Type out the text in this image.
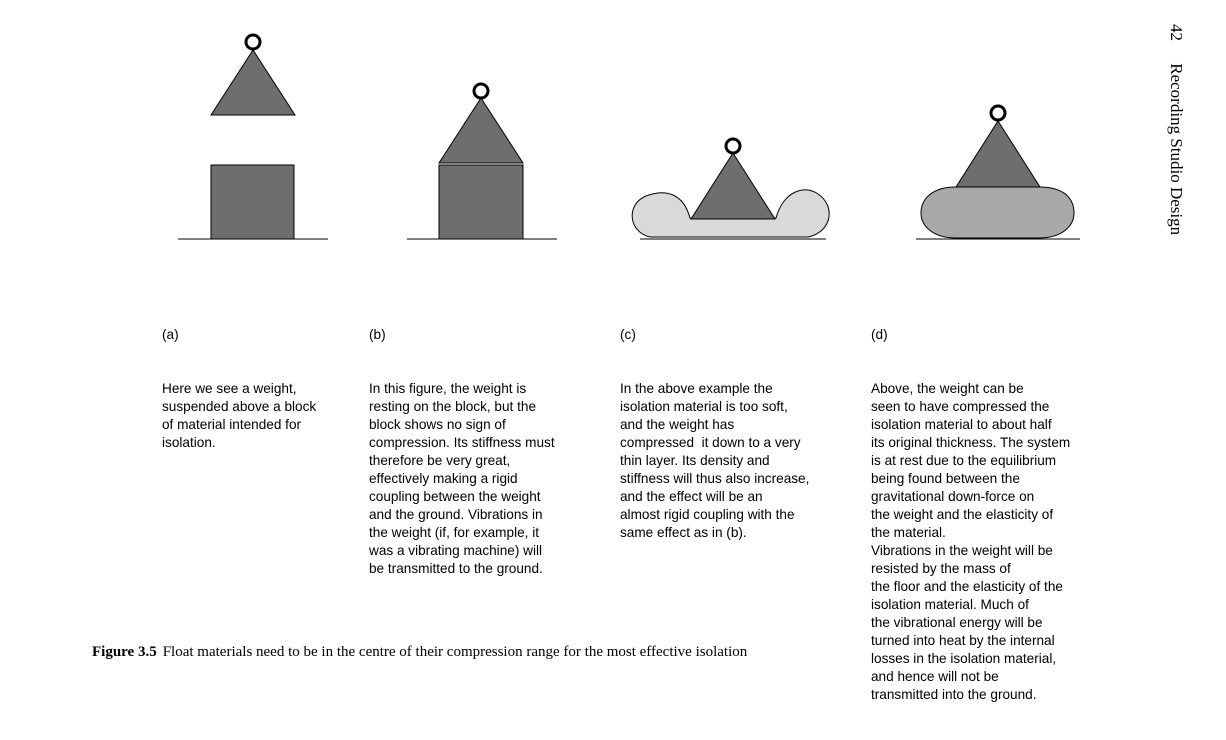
(a)

Here we see a weight,
suspended above a block
of material intended for
isolation.

(b)

In this figure, the weight is
resting on the block, but the
block shows no sign of
compression. Its stiffness must
therefore be very great,
effectively making a rigid
coupling between the weight
and the ground. Vibrations in
the weight (if, for example, it
was a vibrating machine) will
be transmitted to the ground.

(c)

In the above example the
isolation material is too soft,
and the weight has
compressed  it down to a very
thin layer. Its density and
stiffness will thus also increase,
and the effect will be an
almost rigid coupling with the
same effect as in (b).

(d)

Above, the weight can be
seen to have compressed the
isolation material to about half
its original thickness. The system
is at rest due to the equilibrium
being found between the
gravitational down-force on
the weight and the elasticity of
the material.
Vibrations in the weight will be
resisted by the mass of
the floor and the elasticity of the
isolation material. Much of
the vibrational energy will be
turned into heat by the internal
losses in the isolation material,
and hence will not be
transmitted into the ground.

Figure 3.5 Float materials need to be in the centre of their compression range for the most effective isolation
42 Recording Studio Design
